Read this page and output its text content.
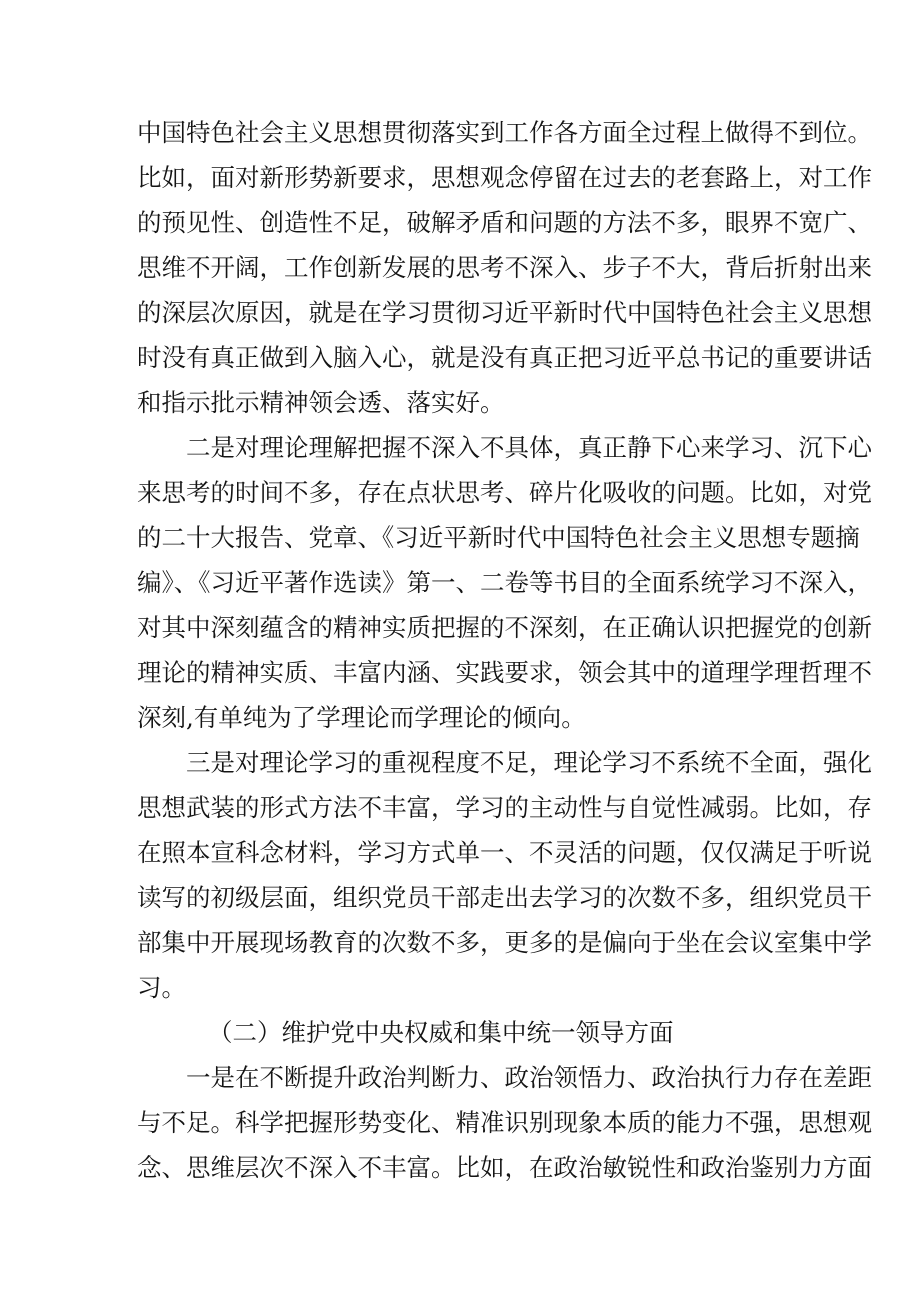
中国特色社会主义思想贯彻落实到工作各方面全过程上做得不到位。

比如，面对新形势新要求，思想观念停留在过去的老套路上，对工作

的预见性、创造性不足，破解矛盾和问题的方法不多，眼界不宽广、

思维不开阔，工作创新发展的思考不深入、步子不大，背后折射出来

的深层次原因，就是在学习贯彻习近平新时代中国特色社会主义思想

时没有真正做到入脑入心，就是没有真正把习近平总书记的重要讲话

和指示批示精神领会透、落实好。

二是对理论理解把握不深入不具体，真正静下心来学习、沉下心

来思考的时间不多，存在点状思考、碎片化吸收的问题。比如，对党

的二十大报告、党章、《习近平新时代中国特色社会主义思想专题摘

编》、《习近平著作选读》第一、二卷等书目的全面系统学习不深入，

对其中深刻蕴含的精神实质把握的不深刻，在正确认识把握党的创新

理论的精神实质、丰富内涵、实践要求，领会其中的道理学理哲理不

深刻,有单纯为了学理论而学理论的倾向。

三是对理论学习的重视程度不足，理论学习不系统不全面，强化

思想武装的形式方法不丰富，学习的主动性与自觉性减弱。比如，存

在照本宣科念材料，学习方式单一、不灵活的问题，仅仅满足于听说

读写的初级层面，组织党员干部走出去学习的次数不多，组织党员干

部集中开展现场教育的次数不多，更多的是偏向于坐在会议室集中学

习。

（二）维护党中央权威和集中统一领导方面

一是在不断提升政治判断力、政治领悟力、政治执行力存在差距

与不足。科学把握形势变化、精准识别现象本质的能力不强，思想观

念、思维层次不深入不丰富。比如，在政治敏锐性和政治鉴别力方面
